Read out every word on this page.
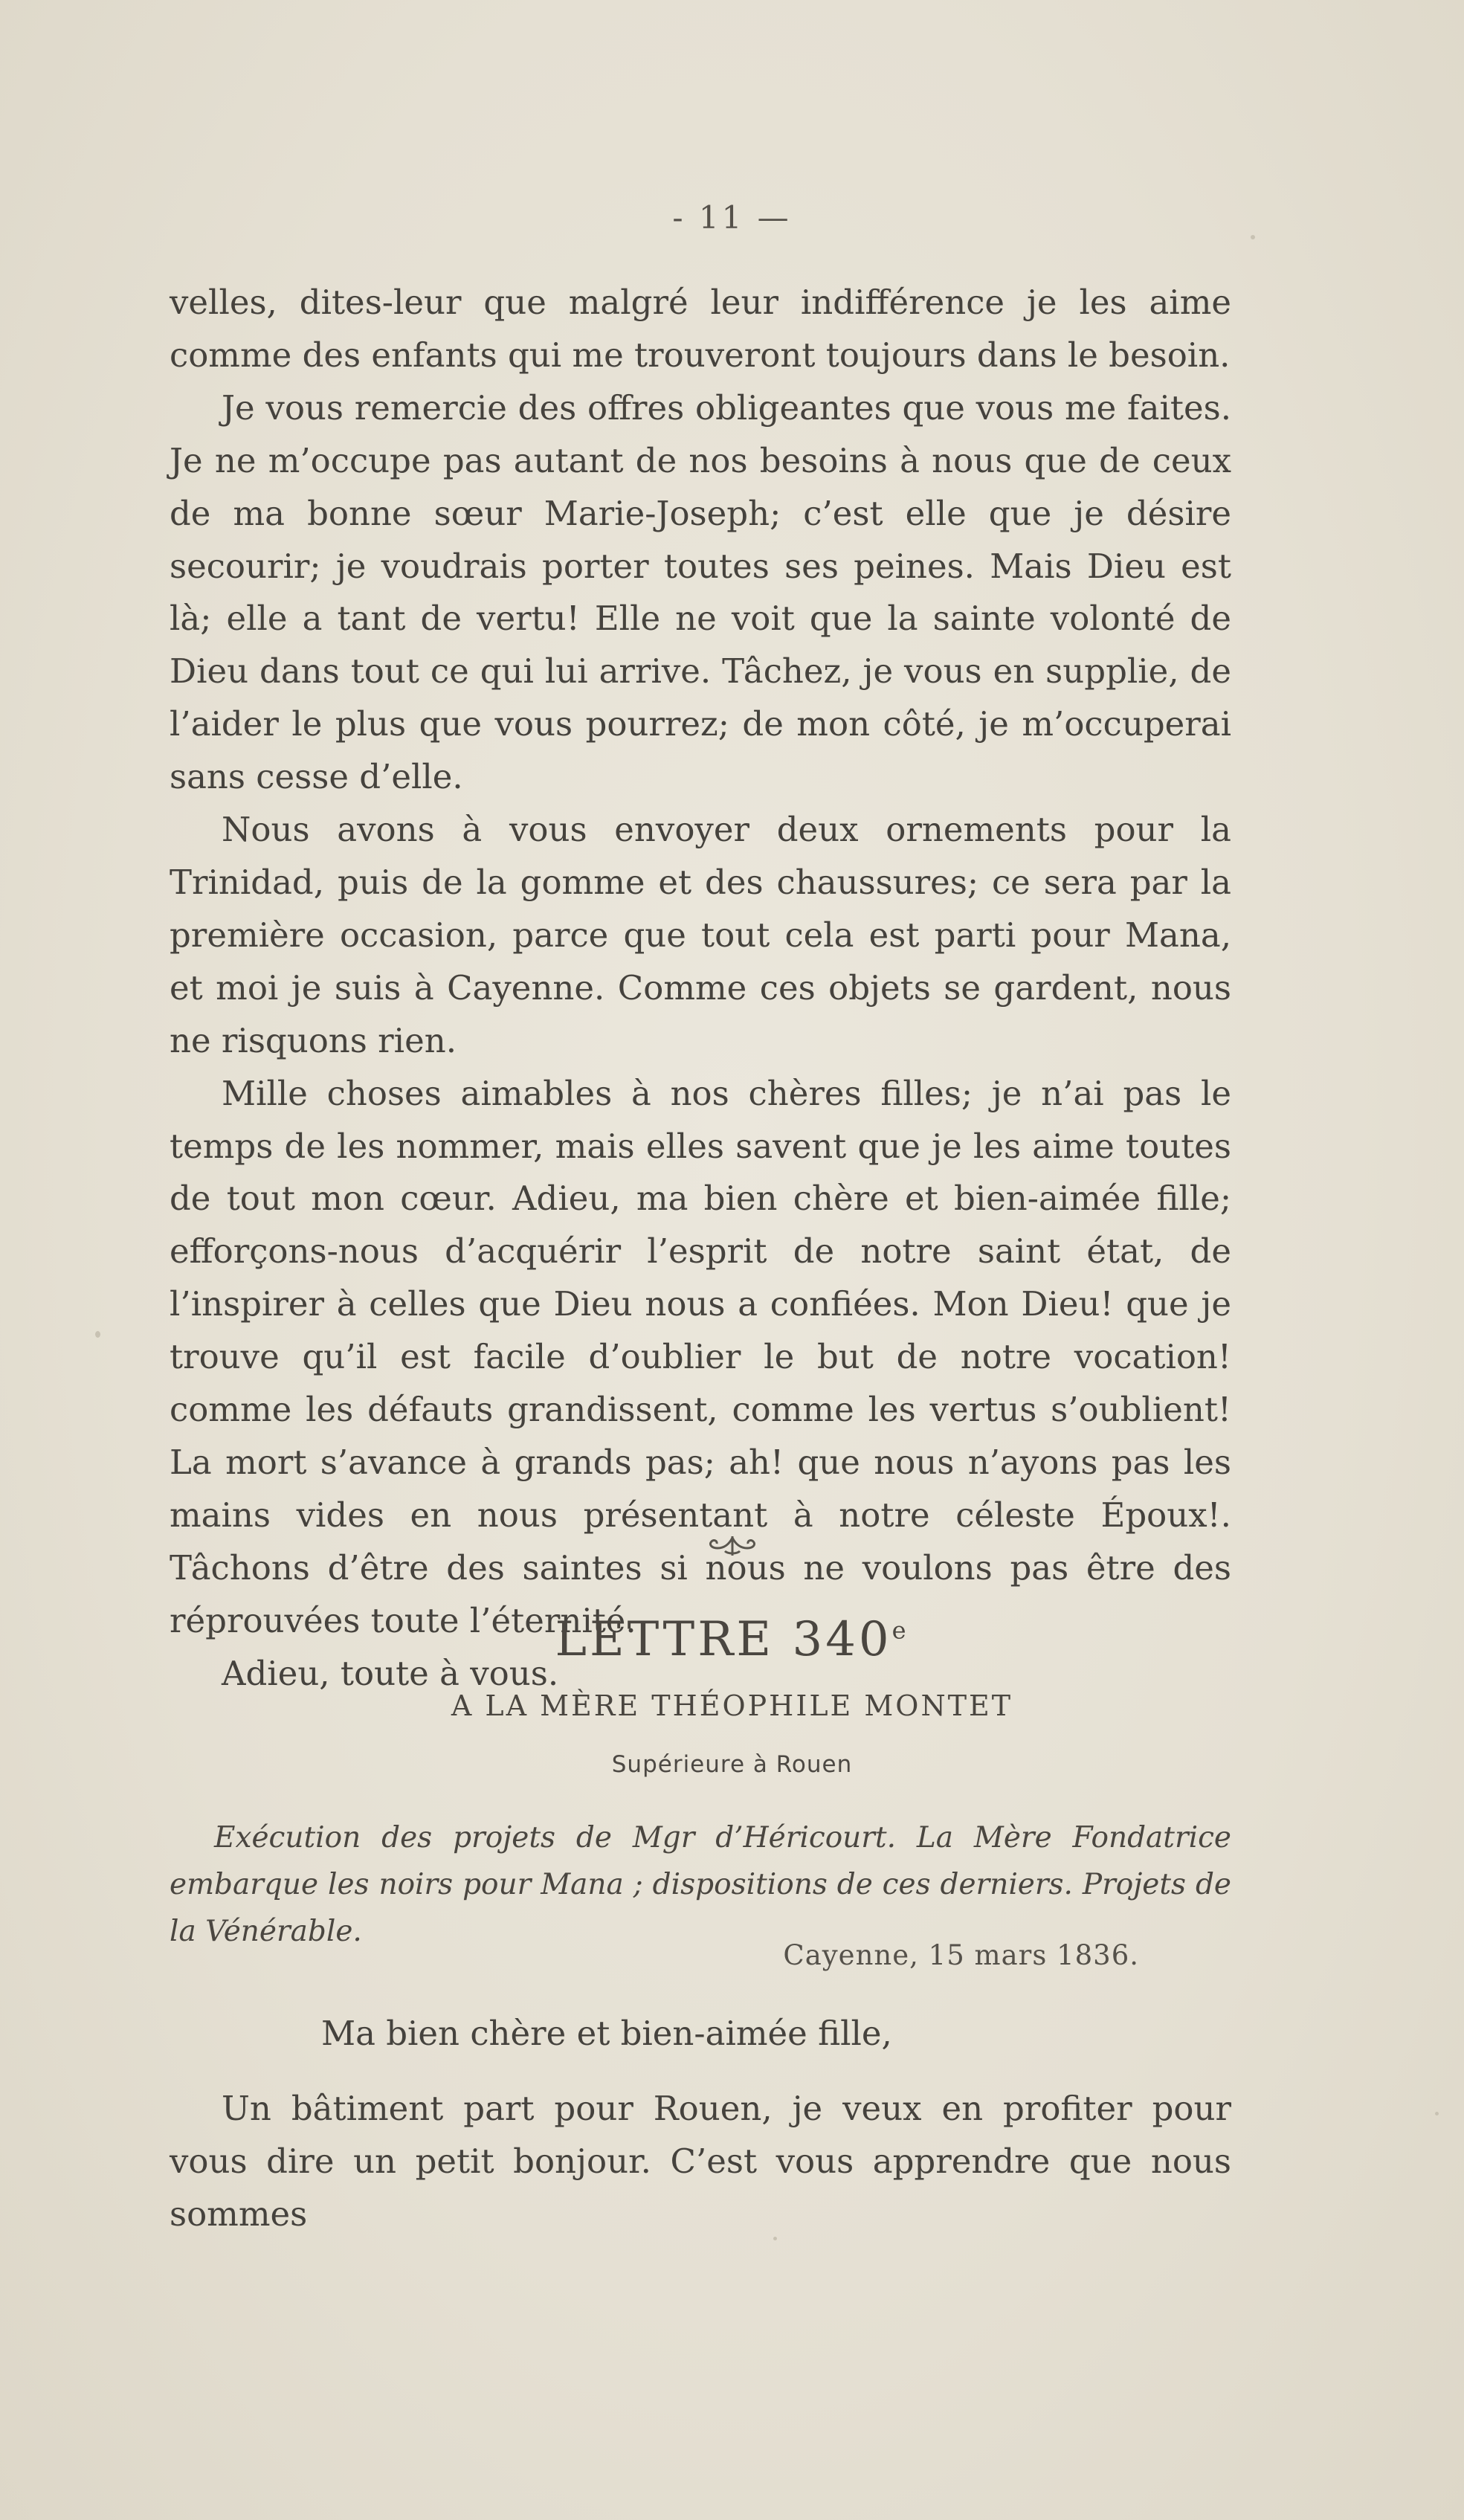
- 11 —

velles, dites-leur que malgré leur indifférence je les aime comme des enfants qui me trouveront toujours dans le besoin.

Je vous remercie des offres obligeantes que vous me faites. Je ne m’occupe pas autant de nos besoins à nous que de ceux de ma bonne sœur Marie-Joseph; c’est elle que je désire secourir; je voudrais porter toutes ses peines. Mais Dieu est là; elle a tant de vertu! Elle ne voit que la sainte volonté de Dieu dans tout ce qui lui arrive. Tâchez, je vous en supplie, de l’aider le plus que vous pourrez; de mon côté, je m’occuperai sans cesse d’elle.

Nous avons à vous envoyer deux ornements pour la Trinidad, puis de la gomme et des chaussures; ce sera par la première occasion, parce que tout cela est parti pour Mana, et moi je suis à Cayenne. Comme ces objets se gardent, nous ne risquons rien.

Mille choses aimables à nos chères filles; je n’ai pas le temps de les nommer, mais elles savent que je les aime toutes de tout mon cœur. Adieu, ma bien chère et bien-aimée fille; efforçons-nous d’acquérir l’esprit de notre saint état, de l’inspirer à celles que Dieu nous a confiées. Mon Dieu! que je trouve qu’il est facile d’oublier le but de notre vocation! comme les défauts grandissent, comme les vertus s’oublient! La mort s’avance à grands pas; ah! que nous n’ayons pas les mains vides en nous présentant à notre céleste Époux!. Tâchons d’être des saintes si nous ne voulons pas être des réprouvées toute l’éternité.

Adieu, toute à vous.

LETTRE 340e
A LA MÈRE THÉOPHILE MONTET
Supérieure à Rouen
Exécution des projets de Mgr d’Héricourt. La Mère Fondatrice embarque les noirs pour Mana ; dispositions de ces derniers. Projets de la Vénérable.
Cayenne, 15 mars 1836.

Ma bien chère et bien-aimée fille,

Un bâtiment part pour Rouen, je veux en profiter pour vous dire un petit bonjour. C’est vous apprendre que nous sommes
